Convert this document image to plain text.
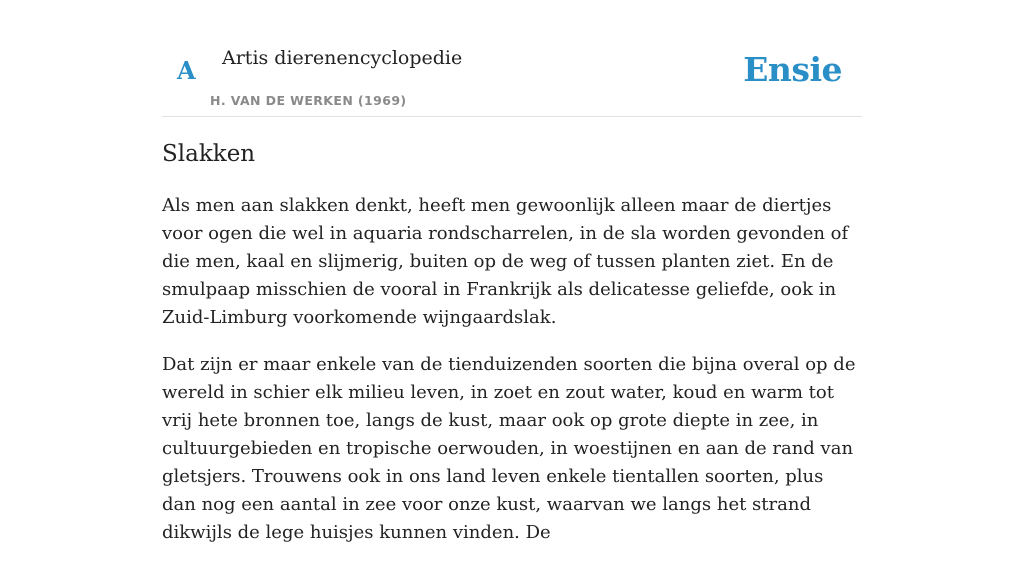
A Artis dierenencyclopedie
H. VAN DE WERKEN (1969)
Ensie
Slakken

Als men aan slakken denkt, heeft men gewoonlijk alleen maar de diertjes voor ogen die wel in aquaria rondscharrelen, in de sla worden gevonden of die men, kaal en slijmerig, buiten op de weg of tussen planten ziet. En de smulpaap misschien de vooral in Frankrijk als delicatesse geliefde, ook in Zuid-Limburg voorkomende wijngaardslak.

Dat zijn er maar enkele van de tienduizenden soorten die bijna overal op de wereld in schier elk milieu leven, in zoet en zout water, koud en warm tot vrij hete bronnen toe, langs de kust, maar ook op grote diepte in zee, in cultuurgebieden en tropische oerwouden, in woestijnen en aan de rand van gletsjers. Trouwens ook in ons land leven enkele tientallen soorten, plus dan nog een aantal in zee voor onze kust, waarvan we langs het strand dikwijls de lege huisjes kunnen vinden. De
